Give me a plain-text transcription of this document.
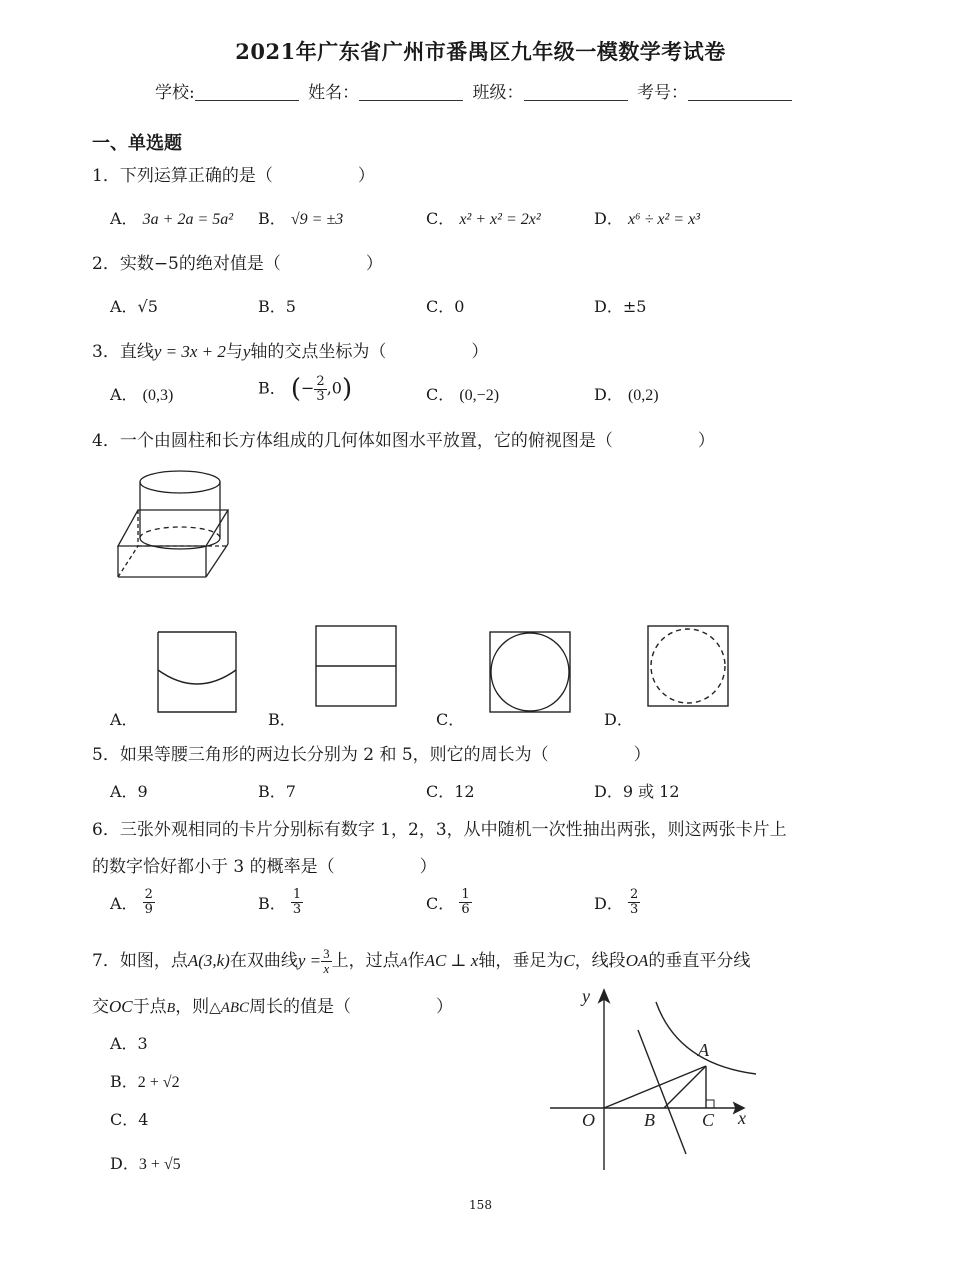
2021年广东省广州市番禺区九年级一模数学考试卷
学校:	姓名：	班级：	考号：
一、单选题
1．下列运算正确的是（　　　　　）
A． 3a + 2a = 5a² B． √9 = ±3	C． x² + x² = 2x²	D． x⁶ ÷ x² = x³
2．实数−5的绝对值是（　　　　　）
A．√5	B．5	C．0	D．±5
3．直线y = 3x + 2与y轴的交点坐标为（　　　　　）
A． (0,3)	B． (− $\frac{2}{3} ,0$)	C． (0,−2)	D． (0,2)
4．一个由圆柱和长方体组成的几何体如图水平放置，它的俯视图是（　　　　　）
A．	B．	C．	D．
5．如果等腰三角形的两边长分别为 2 和 5，则它的周长为（　　　　　）
A．9	B．7	C．12	D．9 或 12
6．三张外观相同的卡片分别标有数字 1，2，3，从中随机一次性抽出两张，则这两张卡片上
的数字恰好都小于 3 的概率是（　　　　　）
A． $\frac{2}{9}$	B． $\frac{1}{3}$	C． $\frac{1}{6}$	D． $\frac{2}{3}$
7．如图，点A(3,k)在双曲线$y = \frac{3}{x}$ 上，过点A作AC ⊥ x轴，垂足为C，线段OA的垂直平分线
交OC于点B，则△ABC周长的值是（　　　　　）
A．3
B．2 + √2
C．4
D．3 + √5
y
x
O	B	C
A
158
